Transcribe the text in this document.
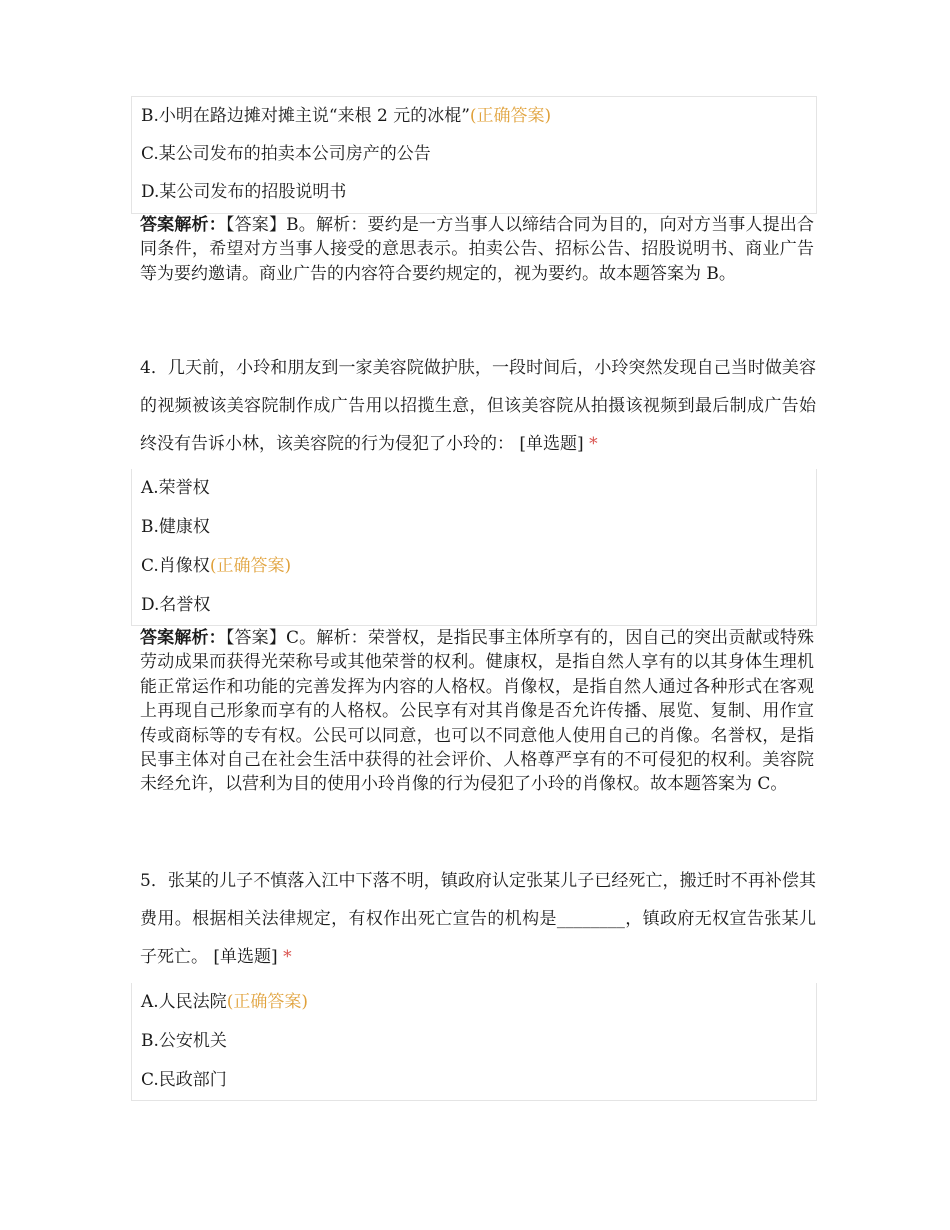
B.小明在路边摊对摊主说“来根 2 元的冰棍”(正确答案)
C.某公司发布的拍卖本公司房产的公告
D.某公司发布的招股说明书
答案解析：【答案】B。解析：要约是一方当事人以缔结合同为目的，向对方当事人提出合同条件，希望对方当事人接受的意思表示。拍卖公告、招标公告、招股说明书、商业广告等为要约邀请。商业广告的内容符合要约规定的，视为要约。故本题答案为 B。
4．几天前，小玲和朋友到一家美容院做护肤，一段时间后，小玲突然发现自己当时做美容的视频被该美容院制作成广告用以招揽生意，但该美容院从拍摄该视频到最后制成广告始终没有告诉小林，该美容院的行为侵犯了小玲的： [单选题] *
A.荣誉权
B.健康权
C.肖像权(正确答案)
D.名誉权
答案解析：【答案】C。解析：荣誉权，是指民事主体所享有的，因自己的突出贡献或特殊劳动成果而获得光荣称号或其他荣誉的权利。健康权，是指自然人享有的以其身体生理机能正常运作和功能的完善发挥为内容的人格权。肖像权，是指自然人通过各种形式在客观上再现自己形象而享有的人格权。公民享有对其肖像是否允许传播、展览、复制、用作宣传或商标等的专有权。公民可以同意，也可以不同意他人使用自己的肖像。名誉权，是指民事主体对自己在社会生活中获得的社会评价、人格尊严享有的不可侵犯的权利。美容院未经允许，以营利为目的使用小玲肖像的行为侵犯了小玲的肖像权。故本题答案为 C。
5．张某的儿子不慎落入江中下落不明，镇政府认定张某儿子已经死亡，搬迁时不再补偿其费用。根据相关法律规定，有权作出死亡宣告的机构是________，镇政府无权宣告张某儿子死亡。 [单选题] *
A.人民法院(正确答案)
B.公安机关
C.民政部门
